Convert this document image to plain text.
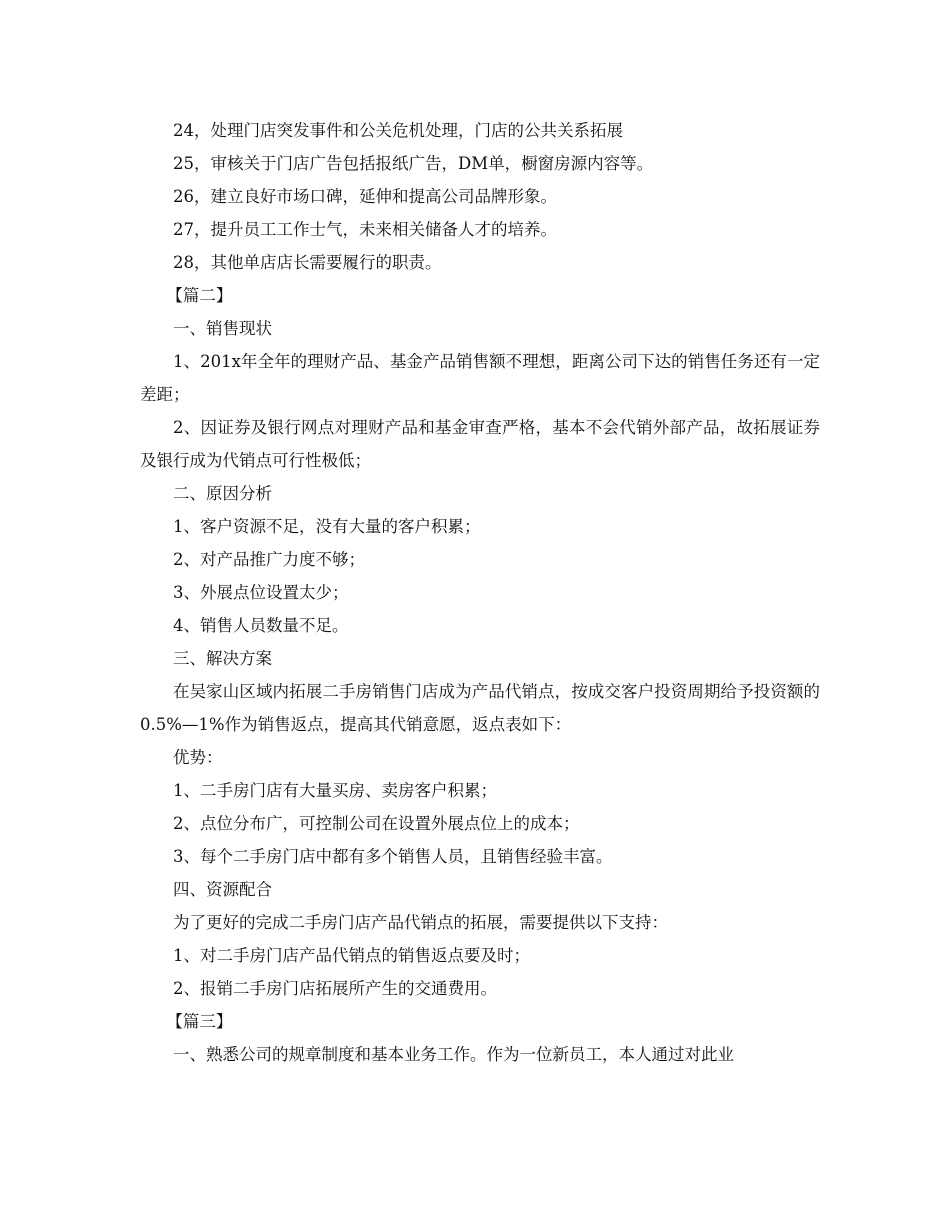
24，处理门店突发事件和公关危机处理，门店的公共关系拓展

25，审核关于门店广告包括报纸广告，DM单，橱窗房源内容等。

26，建立良好市场口碑，延伸和提高公司品牌形象。

27，提升员工工作士气，未来相关储备人才的培养。

28，其他单店店长需要履行的职责。

【篇二】

一、销售现状

1、201x年全年的理财产品、基金产品销售额不理想，距离公司下达的销售任务还有一定差距；

2、因证券及银行网点对理财产品和基金审查严格，基本不会代销外部产品，故拓展证券及银行成为代销点可行性极低；

二、原因分析

1、客户资源不足，没有大量的客户积累；

2、对产品推广力度不够；

3、外展点位设置太少；

4、销售人员数量不足。

三、解决方案

在吴家山区域内拓展二手房销售门店成为产品代销点，按成交客户投资周期给予投资额的0.5%—1%作为销售返点，提高其代销意愿，返点表如下：

优势：

1、二手房门店有大量买房、卖房客户积累；

2、点位分布广，可控制公司在设置外展点位上的成本；

3、每个二手房门店中都有多个销售人员，且销售经验丰富。

四、资源配合

为了更好的完成二手房门店产品代销点的拓展，需要提供以下支持：

1、对二手房门店产品代销点的销售返点要及时；

2、报销二手房门店拓展所产生的交通费用。

【篇三】

一、熟悉公司的规章制度和基本业务工作。作为一位新员工，本人通过对此业
